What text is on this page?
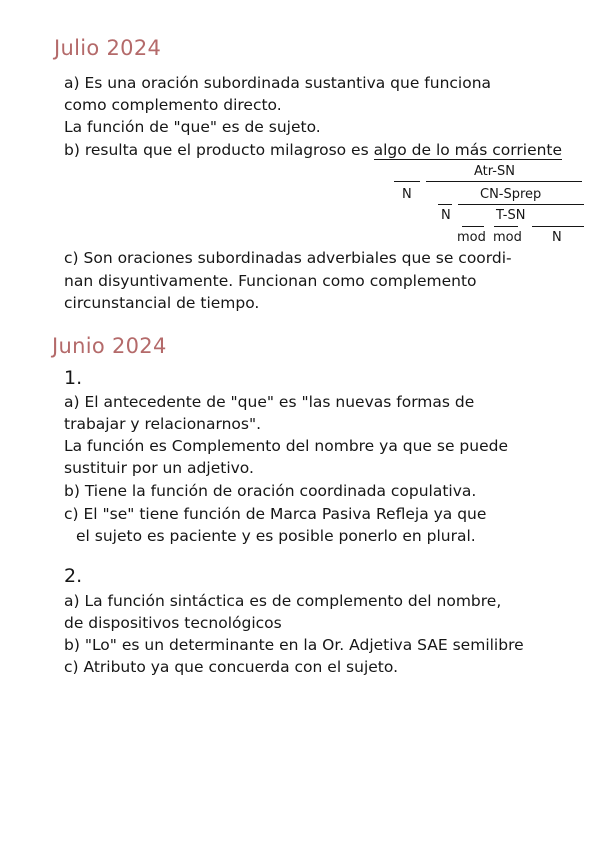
Julio 2024
a) Es una oración subordinada sustantiva que funciona
como complemento directo.
La función de "que" es de sujeto.
b) resulta que el producto milagroso es algo de lo más corriente
Atr-SN
N	CN-Sprep
N	T-SN
mod mod N
c) Son oraciones subordinadas adverbiales que se coordi-
nan disyuntivamente. Funcionan como complemento
circunstancial de tiempo.
Junio 2024
1.
a) El antecedente de "que" es "las nuevas formas de
trabajar y relacionarnos".
La función es Complemento del nombre ya que se puede
sustituir por un adjetivo.
b) Tiene la función de oración coordinada copulativa.
c) El "se" tiene función de Marca Pasiva Refleja ya que
el sujeto es paciente y es posible ponerlo en plural.
2.
a) La función sintáctica es de complemento del nombre,
de dispositivos tecnológicos
b) "Lo" es un determinante en la Or. Adjetiva SAE semilibre
c) Atributo ya que concuerda con el sujeto.
